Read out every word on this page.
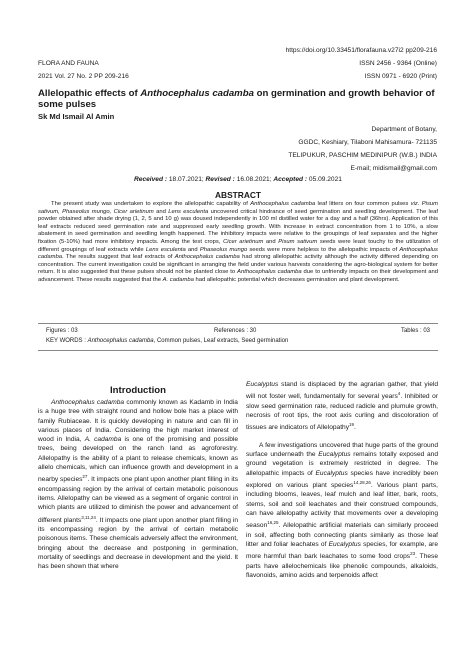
https://doi.org/10.33451/florafauna.v27i2 pp209-216
FLORA AND FAUNA	ISSN 2456 - 9364 (Online)
2021 Vol. 27 No. 2 PP 209-216	ISSN 0971 - 6920 (Print)
Allelopathic effects of Anthocephalus cadamba on germination and growth behavior of some pulses
Sk Md Ismail Al Amin
Department of Botany,
GGDC, Keshiary, Tilaboni Mahisamura- 721135
TELIPUKUR, PASCHIM MEDINIPUR (W.B.) INDIA
E-mail; midismail@gmail.com
Received : 18.07.2021; Revised : 16.08.2021; Accepted : 05.09.2021
ABSTRACT
The present study was undertaken to explore the allelopathic capability of Anthocephalus cadamba leaf litters on four common pulses viz. Pisum sativum, Phaseolus mungo, Cicer arietinum and Lens esculenta uncovered critical hindrance of seed germination and seedling development. The leaf powder obtained after shade drying (1, 2, 5 and 10 g) was doused independently in 100 ml distilled water for a day and a half (36hrs). Application of this leaf extracts reduced seed germination rate and suppressed early seedling growth. With increase in extract concentration from 1 to 10%, a slow abatement in seed germination and seedling length happened. The inhibitory impacts were relative to the groupings of leaf separates and the higher fixation (5-10%) had more inhibitory impacts. Among the test crops, Cicer arietinum and Pisum sativum seeds were least touchy to the utilization of different groupings of leaf extracts while Lens esculenta and Phaseolus mungo seeds were more helpless to the allelopathic impacts of Anthocephalus cadamba. The results suggest that leaf extracts of Anthocephalus cadamba had strong allelopathic activity although the activity differed depending on concentration. The current investigation could be significant in arranging the field under various harvests considering the agro-biological system for better return. It is also suggested that these pulses should not be planted close to Anthocephalus cadamba due to unfriendly impacts on their development and advancement. These results suggested that the A. cadamba had allelopathic potential which decreases germination and plant development.
Figures : 03	References : 30	Tables : 03
KEY WORDS : Anthocephalus cadamba, Common pulses, Leaf extracts, Seed germination
Introduction

Anthocephalus cadamba commonly known as Kadamb in India is a huge tree with straight round and hollow bole has a place with family Rubiaceae. It is quickly developing in nature and can fill in various places of India. Considering the high market interest of wood in India, A. cadamba is one of the promising and possible trees, being developed on the ranch land as agroforestry. Allelopathy is the ability of a plant to release chemicals, known as allelo chemicals, which can influence growth and development in a nearby species$^{27}$. It impacts one plant upon another plant filling in its encompassing region by the arrival of certain metabolic poisonous items. Allelopathy can be viewed as a segment of organic control in which plants are utilized to diminish the power and advancement of different plants$^{3,11,24}$. It impacts one plant upon another plant filling in its encompassing region by the arrival of certain metabolic poisonous items. These chemicals adversely affect the environment, bringing about the decrease and postponing in germination, mortality of seedlings and decrease in development and the yield. It has been shown that where

Eucalyptus stand is displaced by the agrarian gather, that yield will not foster well, fundamentally for several years$^4$. Inhibited or slow seed germination rate, reduced radicle and plumule growth, necrosis of root tips, the root axis curling and discoloration of tissues are indicators of Allelopathy$^{19}$.

A few investigations uncovered that huge parts of the ground surface underneath the Eucalyptus remains totally exposed and ground vegetation is extremely restricted in degree. The allelopathic impacts of Eucalyptus species have incredibly been explored on various plant species$^{14,28,26}$. Various plant parts, including blooms, leaves, leaf mulch and leaf litter, bark, roots, stems, soil and soil leachates and their construed compounds, can have allelopathy activity that movements over a developing season$^{16,25}$. Allelopathic artificial materials can similarly proceed in soil, affecting both connecting plants similarly as those leaf litter and foliar leachates of Eucalyptus species, for example, are more harmful than bark leachates to some food crops$^{23}$. These parts have allelochemicals like phenolic compounds, alkaloids, flavonoids, amino acids and terpenoids affect
